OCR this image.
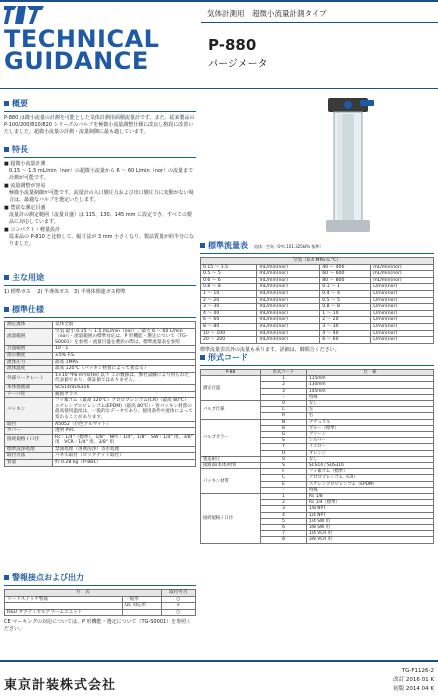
TECHNICAL
GUIDANCE
気体計測用　超微小流量計測タイプ
P-880
パージメータ
概要
P-880 は微小流量の計測を可能とした気体計測用面積流量計です。また、従来製品の P-100/200/810/820 シリーズのバルブを極微小流量調整仕様に改良し格段に改善いたしました。超微小流量の計測・流量制御に最も適しています。
特長
■ 超微小流量計測
0.15 ～ 1.5 mL/min（nor）の超微小流量から 6 ～ 60 L/min（nor）の流量まで計測が可能です。
■ 流量調整が容易
極微小流量制御が可能です。流量計の入口側圧力および出口側圧力に変動がない場合は、最適なバルブを選定いたします。
■ 豊富な測定目盛
流量計の測定範囲（流量目盛）は 115、130、145 mm に設定でき、すべての製品に対応しています。
■ コンパクト・軽量設計
従来品の P-810 と比較して、幅寸法が 3 mm 小さくなり、製品質量が約半分になりました。
主な用途
1) 標準ガス 　2) 半導体ガス　3) 半導体関連ガス標準
標準仕様
測定流体	気体全般
流量範囲	空気 最小 0.15 ～ 1.5 mL/min（nor）／最大 6 ～ 60 L/min（nor）・流量範囲の標準対応は、P 形機能・選定について（TG-S0001）を参照・流量目盛を選択の際は、標準流量表を参照
目盛範囲	10 : 1
指示精度	±5% F.S.
流体圧力	最高 1MPa
流体温度	最高 120℃（パッキン材質によって異なる）
外部リークレート	1×10⁻⁶Pa·m³/s(He) 以下 この数値は、弊社試験により得られた代表値であり、保証値ではありません。
本体接液部	SCS14/SUS316
テーパ管	耐熱ガラス
パッキン	フッ素ゴム（最高 120℃）クロロプレンゴム(CR)（最高 80℃）エチレンプロピレンゴム(EPDM)（最高 80℃）・各パッキン材質の最高使用温度は、一般的なデータであり、使用条件や流体によって変わることがあります。
取付	A5052（白色アルマイト）
カバー	透明 PVC
接続規格 / 口径	Rc : 1/4"（標準）、1/8"　NPT : 1/4"、1/8"　SW : 1/4" 用、3/8" 用　VCR : 1/4" 用、3/8" 用
標準洗浄処理	禁油処理（溶剤洗浄）等水処理
取付方法	パネル取付（ロックナット取付）
質量	約 0.28 kg（P-881）
警報接点および出力
方　式		取付可否
リードスイッチ警報	一般形	○
	UL 対応形	×
R&U オプティカルアラームユニット		○
CE マーキングの対応については、P 形機能・選定について（TG-S0001）を参照ください。
標準流量表 流体：空気（0℃,101.325kPa 基準）
空気（0.4 MPa G ℃）			
0.15 ～ 1.5	mL/min(nor)	40 ～ 400	mL/min(nor)
0.5 ～ 5	mL/min(nor)	60 ～ 600	mL/min(nor)
0.6 ～ 6	mL/min(nor)	80 ～ 800	mL/min(nor)
0.8 ～ 8	mL/min(nor)	0.1 ～ 1	L/min(nor)
1 ～ 10	mL/min(nor)	0.4 ～ 4	L/min(nor)
2 ～ 20	mL/min(nor)	0.5 ～ 5	L/min(nor)
3 ～ 30	mL/min(nor)	0.8 ～ 8	L/min(nor)
4 ～ 40	mL/min(nor)	1 ～ 10	L/min(nor)
6 ～ 60	mL/min(nor)	2 ～ 20	L/min(nor)
8 ～ 80	mL/min(nor)	3 ～ 30	L/min(nor)
10 ～ 100	mL/min(nor)	4 ～ 40	L/min(nor)
20 ～ 200	mL/min(nor)	6 ～ 60	L/min(nor)
標準流量表以外の流量も承ります。詳細は、御問合ください。
形式コード
P-88	形式コード	仕　様
測定目盛	1	115mm
	2	130mm
	3	145mm
	-	特殊
バルブ仕様	0	なし
	L	左
	R	右
バルブカラー	N	ナチュラル
	B	ブルー（標準）
	G	グリーン
	S	シルバー
	Y	イエロー
	O	オレンジ
製造耐圧	0	なし
接液部(本体)材質	S	SCS14 / SUS316
パッキン材質	F	フッ素ゴム（標準）
	C	クロロプレンゴム（CR）
	E	エチレンプロピレンゴム（EPDM）
	-	特殊
接続規格 / 口径	1	Rc 1/8
	2	Rc 1/4（標準）
	3	1/8 NPT
	4	1/4 NPT
	5	1/4 SW 用
	6	3/8 SW 用
	7	1/4 VCR 用
	8	3/8 VCR 用
東京計装株式会社
TG-F1126-2
改訂 2016 01 K
初版 2014 04 K
